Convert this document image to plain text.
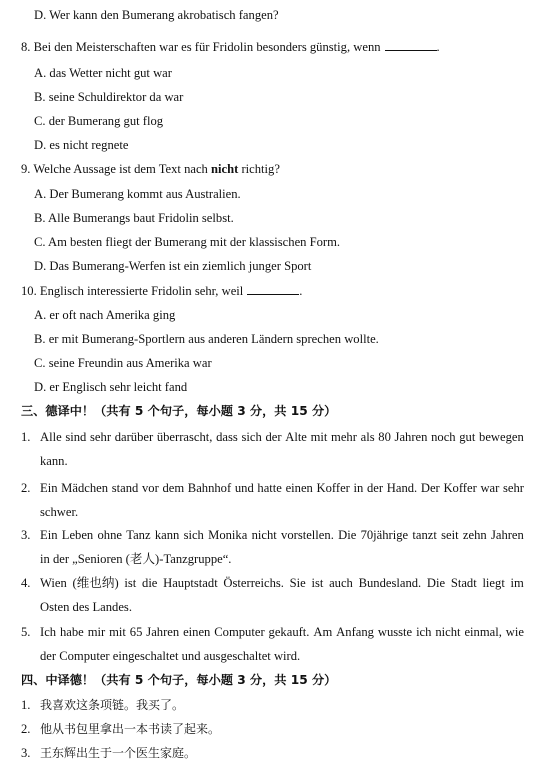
D. Wer kann den Bumerang akrobatisch fangen?
8. Bei den Meisterschaften war es für Fridolin besonders günstig, wenn	.
A. das Wetter nicht gut war
B. seine Schuldirektor da war
C. der Bumerang gut flog
D. es nicht regnete
9. Welche Aussage ist dem Text nach nicht richtig?
A. Der Bumerang kommt aus Australien.
B. Alle Bumerangs baut Fridolin selbst.
C. Am besten fliegt der Bumerang mit der klassischen Form.
D. Das Bumerang-Werfen ist ein ziemlich junger Sport
10. Englisch interessierte Fridolin sehr, weil	.
A. er oft nach Amerika ging
B. er mit Bumerang-Sportlern aus anderen Ländern sprechen wollte.
C. seine Freundin aus Amerika war
D. er Englisch sehr leicht fand
三、德译中！（共有 5 个句子，每小题 3 分，共 15 分）
1. Alle sind sehr darüber überrascht, dass sich der Alte mit mehr als 80 Jahren noch gut bewegen
kann.
2. Ein Mädchen stand vor dem Bahnhof und hatte einen Koffer in der Hand. Der Koffer war sehr
schwer.
3. Ein Leben ohne Tanz kann sich Monika nicht vorstellen. Die 70jährige tanzt seit zehn Jahren
in der „Senioren (老人)-Tanzgruppe“.
4. Wien (维也纳) ist die Hauptstadt Österreichs. Sie ist auch Bundesland. Die Stadt liegt im
Osten des Landes.
5. Ich habe mir mit 65 Jahren einen Computer gekauft. Am Anfang wusste ich nicht einmal, wie
der Computer eingeschaltet und ausgeschaltet wird.
四、中译德！（共有 5 个句子，每小题 3 分，共 15 分）
1. 我喜欢这条项链。我买了。
2. 他从书包里拿出一本书读了起来。
3. 王东辉出生于一个医生家庭。
